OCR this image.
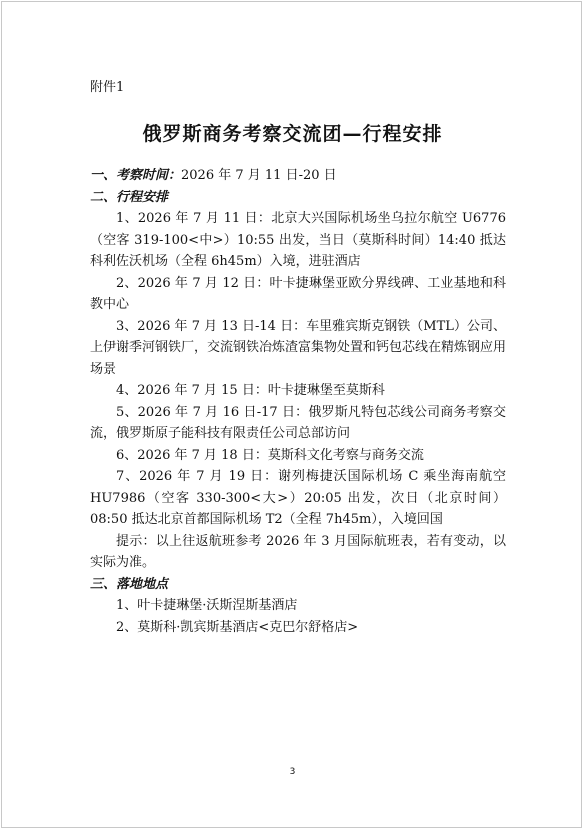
附件1
俄罗斯商务考察交流团—行程安排

一、考察时间：2026 年 7 月 11 日-20 日

二、行程安排

1、2026 年 7 月 11 日：北京大兴国际机场坐乌拉尔航空 U6776（空客 319-100<中>）10:55 出发，当日（莫斯科时间）14:40 抵达科利佐沃机场（全程 6h45m）入境，进驻酒店

2、2026 年 7 月 12 日：叶卡捷琳堡亚欧分界线碑、工业基地和科教中心

3、2026 年 7 月 13 日-14 日：车里雅宾斯克钢铁（MTL）公司、上伊谢季河钢铁厂，交流钢铁冶炼渣富集物处置和钙包芯线在精炼钢应用场景

4、2026 年 7 月 15 日：叶卡捷琳堡至莫斯科

5、2026 年 7 月 16 日-17 日：俄罗斯凡特包芯线公司商务考察交流，俄罗斯原子能科技有限责任公司总部访问

6、2026 年 7 月 18 日：莫斯科文化考察与商务交流

7、2026 年 7 月 19 日：谢列梅捷沃国际机场 C 乘坐海南航空 HU7986（空客 330-300<大>）20:05 出发，次日（北京时间）08:50 抵达北京首都国际机场 T2（全程 7h45m），入境回国

提示：以上往返航班参考 2026 年 3 月国际航班表，若有变动，以实际为准。

三、落地地点

1、叶卡捷琳堡·沃斯涅斯基酒店

2、莫斯科·凯宾斯基酒店<克巴尔舒格店>

3
